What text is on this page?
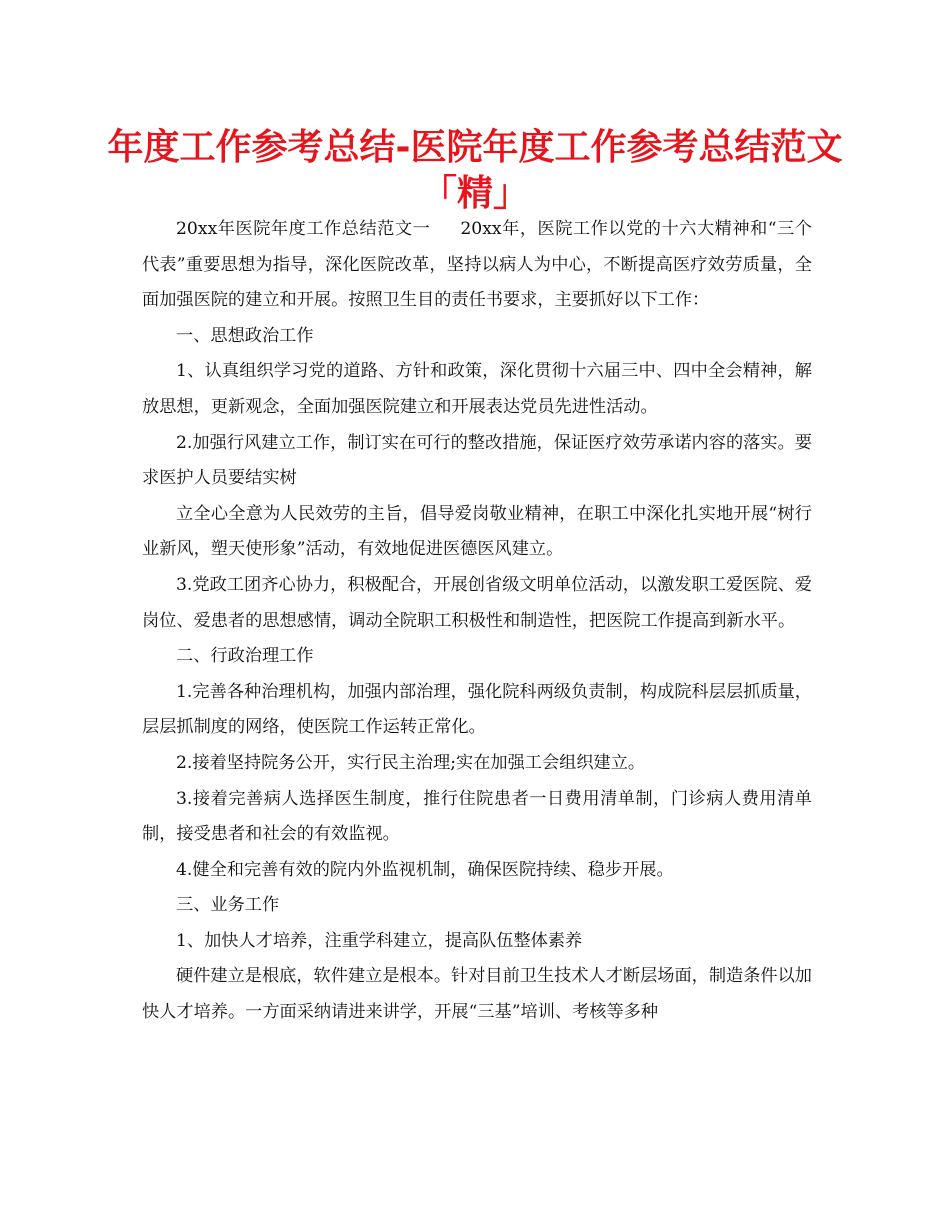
年度工作参考总结-医院年度工作参考总结范文
「精」

20xx年医院年度工作总结范文一 20xx年，医院工作以党的十六大精神和“三个代表”重要思想为指导，深化医院改革，坚持以病人为中心，不断提高医疗效劳质量，全面加强医院的建立和开展。按照卫生目的责任书要求，主要抓好以下工作：

一、思想政治工作

1、认真组织学习党的道路、方针和政策，深化贯彻十六届三中、四中全会精神，解放思想，更新观念，全面加强医院建立和开展表达党员先进性活动。

2.加强行风建立工作，制订实在可行的整改措施，保证医疗效劳承诺内容的落实。要求医护人员要结实树

立全心全意为人民效劳的主旨，倡导爱岗敬业精神，在职工中深化扎实地开展“树行业新风，塑天使形象”活动，有效地促进医德医风建立。

3.党政工团齐心协力，积极配合，开展创省级文明单位活动，以激发职工爱医院、爱岗位、爱患者的思想感情，调动全院职工积极性和制造性，把医院工作提高到新水平。

二、行政治理工作

1.完善各种治理机构，加强内部治理，强化院科两级负责制，构成院科层层抓质量，层层抓制度的网络，使医院工作运转正常化。

2.接着坚持院务公开，实行民主治理;实在加强工会组织建立。

3.接着完善病人选择医生制度，推行住院患者一日费用清单制，门诊病人费用清单制，接受患者和社会的有效监视。

4.健全和完善有效的院内外监视机制，确保医院持续、稳步开展。

三、业务工作

1、加快人才培养，注重学科建立，提高队伍整体素养

硬件建立是根底，软件建立是根本。针对目前卫生技术人才断层场面，制造条件以加快人才培养。一方面采纳请进来讲学，开展“三基”培训、考核等多种
